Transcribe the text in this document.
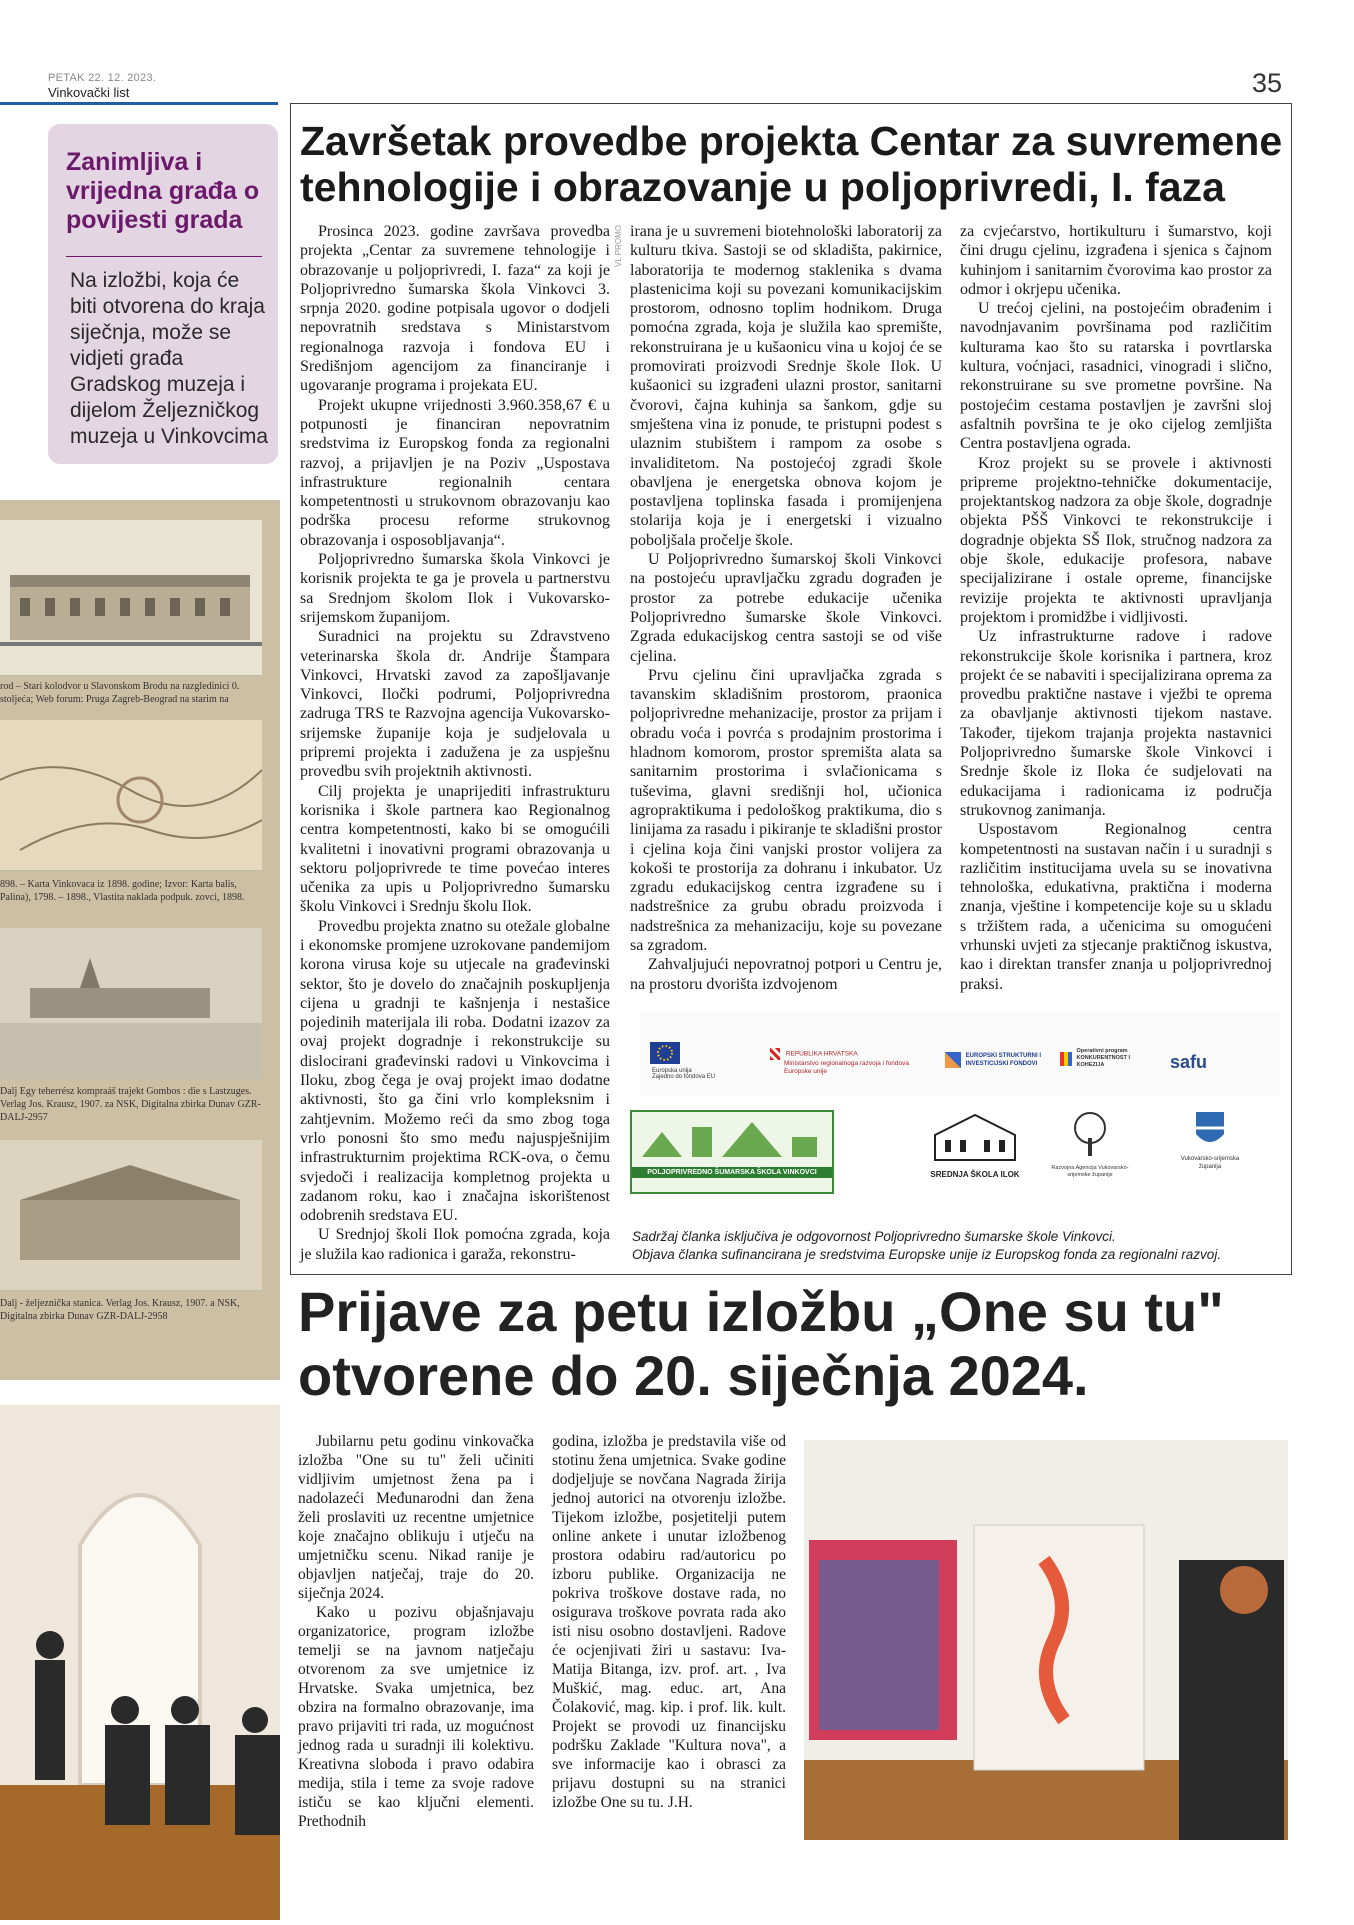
PETAK 22. 12. 2023.
Vinkovački list	35
Zanimljiva i vrijedna građa o povijesti grada
Na izložbi, koja će biti otvorena do kraja siječnja, može se vidjeti građa Gradskog muzeja i dijelom Željezničkog muzeja u Vinkovcima
rod – Stari kolodvor u Slavonskom Brodu na razgledinici 0. stoljeća; Web forum: Pruga Zagreb-Beograd na starim na
898. – Karta Vinkovaca iz 1898. godine; Izvor: Karta balis, Palina), 1798. – 1898., Vlastita naklada podpuk. zovci, 1898.
Dalj Egy teherrész kompraáš trajekt Gombos : die s Lastzuges. Verlag Jos. Krausz, 1907. za NSK, Digitalna zbirka Dunav GZR-DALJ-2957
Dalj - željeznička stanica. Verlag Jos. Krausz, 1907. a NSK, Digitalna zbirka Dunav GZR-DALJ-2958
Završetak provedbe projekta Centar za suvremene tehnologije i obrazovanje u poljoprivredi, I. faza
VL PROMO

Prosinca 2023. godine završava provedba projekta „Centar za suvremene tehnologije i obrazovanje u poljoprivredi, I. faza“ za koji je Poljoprivredno šumarska škola Vinkovci 3. srpnja 2020. godine potpisala ugovor o dodjeli nepovratnih sredstava s Ministarstvom regionalnoga razvoja i fondova EU i Središnjom agencijom za financiranje i ugovaranje programa i projekata EU.

Projekt ukupne vrijednosti 3.960.358,67 € u potpunosti je financiran nepovratnim sredstvima iz Europskog fonda za regionalni razvoj, a prijavljen je na Poziv „Uspostava infrastrukture regionalnih centara kompetentnosti u strukovnom obrazovanju kao podrška procesu reforme strukovnog obrazovanja i osposobljavanja“.

Poljoprivredno šumarska škola Vinkovci je korisnik projekta te ga je provela u partnerstvu sa Srednjom školom Ilok i Vukovarsko-srijemskom županijom.

Suradnici na projektu su Zdravstveno veterinarska škola dr. Andrije Štampara Vinkovci, Hrvatski zavod za zapošljavanje Vinkovci, Iločki podrumi, Poljoprivredna zadruga TRS te Razvojna agencija Vukovarsko-srijemske županije koja je sudjelovala u pripremi projekta i zadužena je za uspješnu provedbu svih projektnih aktivnosti.

Cilj projekta je unaprijediti infrastrukturu korisnika i škole partnera kao Regionalnog centra kompetentnosti, kako bi se omogućili kvalitetni i inovativni programi obrazovanja u sektoru poljoprivrede te time povećao interes učenika za upis u Poljoprivredno šumarsku školu Vinkovci i Srednju školu Ilok.

Provedbu projekta znatno su otežale globalne i ekonomske promjene uzrokovane pandemijom korona virusa koje su utjecale na građevinski sektor, što je dovelo do značajnih poskupljenja cijena u gradnji te kašnjenja i nestašice pojedinih materijala ili roba. Dodatni izazov za ovaj projekt dogradnje i rekonstrukcije su dislocirani građevinski radovi u Vinkovcima i Iloku, zbog čega je ovaj projekt imao dodatne aktivnosti, što ga čini vrlo kompleksnim i zahtjevnim. Možemo reći da smo zbog toga vrlo ponosni što smo među najuspješnijim infrastrukturnim projektima RCK-ova, o čemu svjedoči i realizacija kompletnog projekta u zadanom roku, kao i značajna iskorištenost odobrenih sredstava EU.

U Srednjoj školi Ilok pomoćna zgrada, koja je služila kao radionica i garaža, rekonstru-

irana je u suvremeni biotehnološki laboratorij za kulturu tkiva. Sastoji se od skladišta, pakirnice, laboratorija te modernog staklenika s dvama plastenicima koji su povezani komunikacijskim prostorom, odnosno toplim hodnikom. Druga pomoćna zgrada, koja je služila kao spremište, rekonstruirana je u kušaonicu vina u kojoj će se promovirati proizvodi Srednje škole Ilok. U kušaonici su izgrađeni ulazni prostor, sanitarni čvorovi, čajna kuhinja sa šankom, gdje su smještena vina iz ponude, te pristupni podest s ulaznim stubištem i rampom za osobe s invaliditetom. Na postojećoj zgradi škole obavljena je energetska obnova kojom je postavljena toplinska fasada i promijenjena stolarija koja je i energetski i vizualno poboljšala pročelje škole.

U Poljoprivredno šumarskoj školi Vinkovci na postojeću upravljačku zgradu dograđen je prostor za potrebe edukacije učenika Poljoprivredno šumarske škole Vinkovci. Zgrada edukacijskog centra sastoji se od više cjelina.

Prvu cjelinu čini upravljačka zgrada s tavanskim skladišnim prostorom, praonica poljoprivredne mehanizacije, prostor za prijam i obradu voća i povrća s prodajnim prostorima i hladnom komorom, prostor spremišta alata sa sanitarnim prostorima i svlačionicama s tuševima, glavni središnji hol, učionica agropraktikuma i pedološkog praktikuma, dio s linijama za rasadu i pikiranje te skladišni prostor i cjelina koja čini vanjski prostor volijera za kokoši te prostorija za dohranu i inkubator. Uz zgradu edukacijskog centra izgrađene su i nadstrešnice za grubu obradu proizvoda i nadstrešnica za mehanizaciju, koje su povezane sa zgradom.

Zahvaljujući nepovratnoj potpori u Centru je, na prostoru dvorišta izdvojenom

za cvjećarstvo, hortikulturu i šumarstvo, koji čini drugu cjelinu, izgrađena i sjenica s čajnom kuhinjom i sanitarnim čvorovima kao prostor za odmor i okrjepu učenika.

U trećoj cjelini, na postojećim obrađenim i navodnjavanim površinama pod različitim kulturama kao što su ratarska i povrtlarska kultura, voćnjaci, rasadnici, vinogradi i slično, rekonstruirane su sve prometne površine. Na postojećim cestama postavljen je završni sloj asfaltnih površina te je oko cijelog zemljišta Centra postavljena ograda.

Kroz projekt su se provele i aktivnosti pripreme projektno-tehničke dokumentacije, projektantskog nadzora za obje škole, dogradnje objekta PŠŠ Vinkovci te rekonstrukcije i dogradnje objekta SŠ Ilok, stručnog nadzora za obje škole, edukacije profesora, nabave specijalizirane i ostale opreme, financijske revizije projekta te aktivnosti upravljanja projektom i promidžbe i vidljivosti.

Uz infrastrukturne radove i radove rekonstrukcije škole korisnika i partnera, kroz projekt će se nabaviti i specijalizirana oprema za provedbu praktične nastave i vježbi te oprema za obavljanje aktivnosti tijekom nastave. Također, tijekom trajanja projekta nastavnici Poljoprivredno šumarske škole Vinkovci i Srednje škole iz Iloka će sudjelovati na edukacijama i radionicama iz područja strukovnog zanimanja.

Uspostavom Regionalnog centra kompetentnosti na sustavan način i u suradnji s različitim institucijama uvela su se inovativna tehnološka, edukativna, praktična i moderna znanja, vještine i kompetencije koje su u skladu s tržištem rada, a učenicima su omogućeni vrhunski uvjeti za stjecanje praktičnog iskustva, kao i direktan transfer znanja u poljoprivrednoj praksi.

Europska unija
Zajedno do fondova EU
REPUBLIKA HRVATSKA
Ministarstvo regionalnoga razvoja i fondova Europske unije
EUROPSKI STRUKTURNI I INVESTICIJSKI FONDOVI
Operativni program KONKURENTNOST I KOHEZIJA	safu
POLJOPRIVREDNO ŠUMARSKA ŠKOLA VINKOVCI	SREDNJA ŠKOLA ILOK
Razvojna Agencija Vukovarsko-srijemske županije
Vukovarsko-srijemska županija
Sadržaj članka isključiva je odgovornost Poljoprivredno šumarske škole Vinkovci.
Objava članka sufinancirana je sredstvima Europske unije iz Europskog fonda za regionalni razvoj.
Prijave za petu izložbu „One su tu" otvorene do 20. siječnja 2024.

Jubilarnu petu godinu vinkovačka izložba "One su tu" želi učiniti vidljivim umjetnost žena pa i nadolazeći Međunarodni dan žena želi proslaviti uz recentne umjetnice koje značajno oblikuju i utječu na umjetničku scenu. Nikad ranije je objavljen natječaj, traje do 20. siječnja 2024.

Kako u pozivu objašnjavaju organizatorice, program izložbe temelji se na javnom natječaju otvorenom za sve umjetnice iz Hrvatske. Svaka umjetnica, bez obzira na formalno obrazovanje, ima pravo prijaviti tri rada, uz mogućnost jednog rada u suradnji ili kolektivu. Kreativna sloboda i pravo odabira medija, stila i teme za svoje radove ističu se kao ključni elementi. Prethodnih

godina, izložba je predstavila više od stotinu žena umjetnica. Svake godine dodjeljuje se novčana Nagrada žirija jednoj autorici na otvorenju izložbe. Tijekom izložbe, posjetitelji putem online ankete i unutar izložbenog prostora odabiru rad/autoricu po izboru publike. Organizacija ne pokriva troškove dostave rada, no osigurava troškove povrata rada ako isti nisu osobno dostavljeni. Radove će ocjenjivati žiri u sastavu: Iva-Matija Bitanga, izv. prof. art. , Iva Muškić, mag. educ. art, Ana Čolaković, mag. kip. i prof. lik. kult. Projekt se provodi uz financijsku podršku Zaklade "Kultura nova", a sve informacije kao i obrasci za prijavu dostupni su na stranici izložbe One su tu. J.H.
